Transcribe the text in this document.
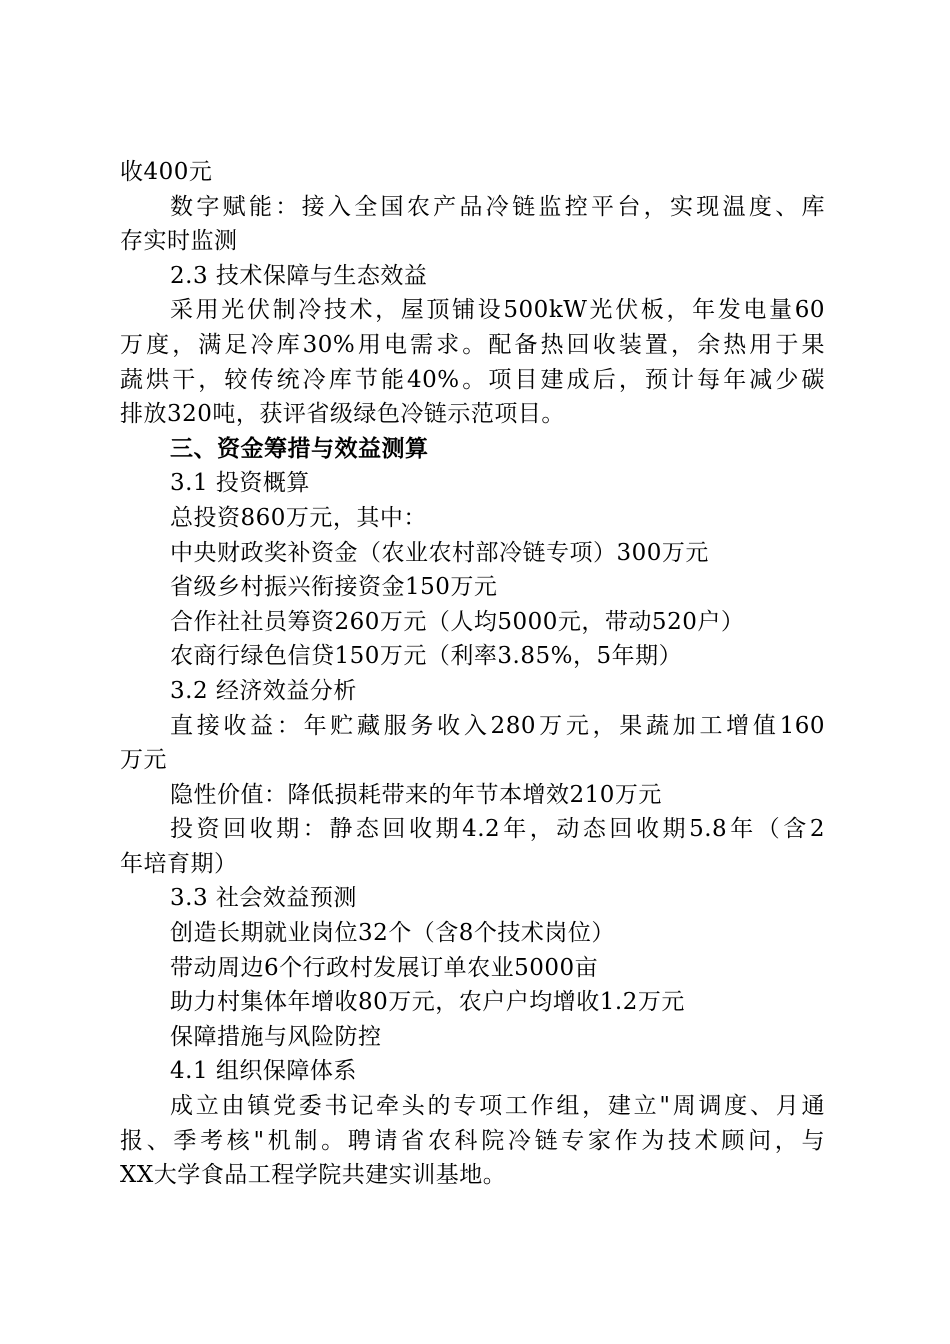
收400元
数字赋能：接入全国农产品冷链监控平台，实现温度、库
存实时监测
2.3 技术保障与生态效益
采用光伏制冷技术，屋顶铺设500kW光伏板，年发电量60
万度，满足冷库30%用电需求。配备热回收装置，余热用于果
蔬烘干，较传统冷库节能40%。项目建成后，预计每年减少碳
排放320吨，获评省级绿色冷链示范项目。
三、资金筹措与效益测算
3.1 投资概算
总投资860万元，其中：
中央财政奖补资金（农业农村部冷链专项）300万元
省级乡村振兴衔接资金150万元
合作社社员筹资260万元（人均5000元，带动520户）
农商行绿色信贷150万元（利率3.85%，5年期）
3.2 经济效益分析
直接收益：年贮藏服务收入280万元，果蔬加工增值160
万元
隐性价值：降低损耗带来的年节本增效210万元
投资回收期：静态回收期4.2年，动态回收期5.8年（含2
年培育期）
3.3 社会效益预测
创造长期就业岗位32个（含8个技术岗位）
带动周边6个行政村发展订单农业5000亩
助力村集体年增收80万元，农户户均增收1.2万元
保障措施与风险防控
4.1 组织保障体系
成立由镇党委书记牵头的专项工作组，建立"周调度、月通
报、季考核"机制。聘请省农科院冷链专家作为技术顾问，与
XX大学食品工程学院共建实训基地。
